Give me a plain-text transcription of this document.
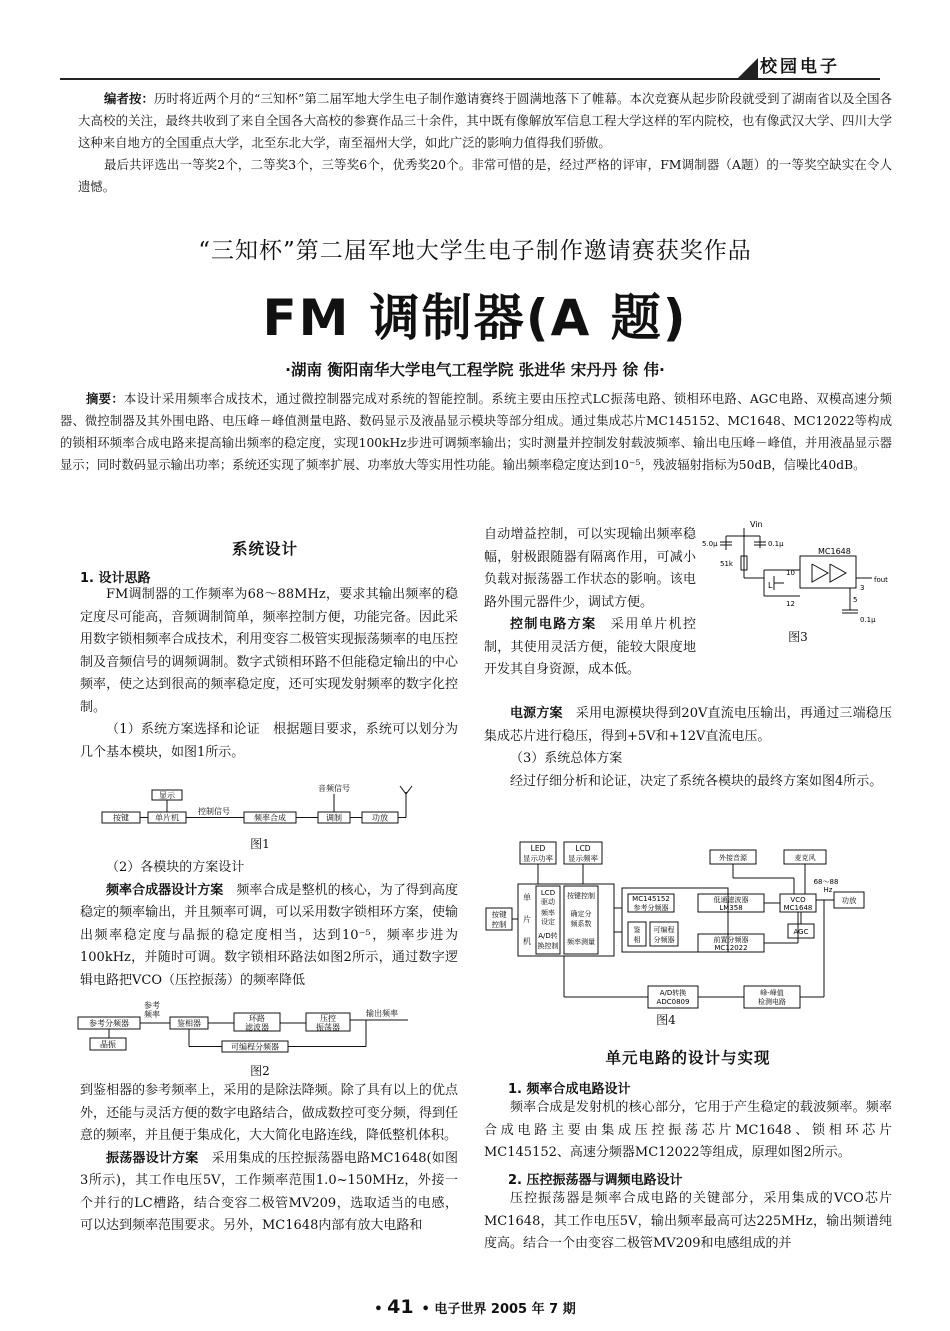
校园电子
编者按：历时将近两个月的“三知杯”第二届军地大学生电子制作邀请赛终于圆满地落下了帷幕。本次竞赛从起步阶段就受到了湖南省以及全国各大高校的关注，最终共收到了来自全国各大高校的参赛作品三十余件，其中既有像解放军信息工程大学这样的军内院校，也有像武汉大学、四川大学这种来自地方的全国重点大学，北至东北大学，南至福州大学，如此广泛的影响力值得我们骄傲。
最后共评选出一等奖2个，二等奖3个，三等奖6个，优秀奖20个。非常可惜的是，经过严格的评审，FM调制器（A题）的一等奖空缺实在令人遗憾。
“三知杯”第二届军地大学生电子制作邀请赛获奖作品
FM 调制器(A 题)
·湖南 衡阳南华大学电气工程学院 张进华 宋丹丹 徐 伟·
摘要：本设计采用频率合成技术，通过微控制器完成对系统的智能控制。系统主要由压控式LC振荡电路、锁相环电路、AGC电路、双模高速分频器、微控制器及其外围电路、电压峰－峰值测量电路、数码显示及液晶显示模块等部分组成。通过集成芯片MC145152、MC1648、MC12022等构成的锁相环频率合成电路来提高输出频率的稳定度，实现100kHz步进可调频率输出；实时测量并控制发射载波频率、输出电压峰－峰值，并用液晶显示器显示；同时数码显示输出功率；系统还实现了频率扩展、功率放大等实用性功能。输出频率稳定度达到10⁻⁵，残波辐射指标为50dB，信噪比40dB。
系统设计
1. 设计思路
FM调制器的工作频率为68～88MHz，要求其输出频率的稳定度尽可能高，音频调制简单，频率控制方便，功能完备。因此采用数字锁相频率合成技术，利用变容二极管实现振荡频率的电压控制及音频信号的调频调制。数字式锁相环路不但能稳定输出的中心频率，使之达到很高的频率稳定度，还可实现发射频率的数字化控制。
（1）系统方案选择和论证　根据题目要求，系统可以划分为几个基本模块，如图1所示。
显示
音频信号
按键	单片机
控制信号
频率合成	调制	功放
图1
（2）各模块的方案设计
频率合成器设计方案　频率合成是整机的核心，为了得到高度稳定的频率输出，并且频率可调，可以采用数字锁相环方案，使输出频率稳定度与晶振的稳定度相当，达到10⁻⁵，频率步进为100kHz，并随时可调。数字锁相环路法如图2所示，通过数字逻辑电路把VCO（压控振荡）的频率降低
参考分频器
参考
频率
鉴相器
环路
滤波器
压控
振荡器
输出频率
晶振	可编程分频器
图2
到鉴相器的参考频率上，采用的是除法降频。除了具有以上的优点外，还能与灵活方便的数字电路结合，做成数控可变分频，得到任意的频率，并且便于集成化，大大简化电路连线，降低整机体积。
振荡器设计方案　采用集成的压控振荡器电路MC1648(如图3所示)，其工作电压5V，工作频率范围1.0~150MHz，外接一个并行的LC槽路，结合变容二极管MV209，选取适当的电感，可以达到频率范围要求。另外，MC1648内部有放大电路和
自动增益控制，可以实现输出频率稳幅，射极跟随器有隔离作用，可减小负载对振荡器工作状态的影响。该电路外围元器件少，调试方便。
控制电路方案　采用单片机控制，其使用灵活方便，能较大限度地开发其自身资源，成本低。
Vin
5.0μ	0.1μ
MC1648
51k
10
L
12
fout
3
5
0.1μ
图3
电源方案　采用电源模块得到20V直流电压输出，再通过三端稳压集成芯片进行稳压，得到+5V和+12V直流电压。
（3）系统总体方案
经过仔细分析和论证，决定了系统各模块的最终方案如图4所示。
LED
显示功率
LCD
显示频率
按键
控制
单
片
机
LCD
驱动
频率
设定
A/D转
换控制
按键控制
确定分
频系数
频率测量
MC145152
参考分频器
鉴
相
可编程
分频器
低通滤波器
LM358
前置分频器
MC12022
VCO
MC1648
外接音源	麦克风
68～88
Hz
AGC
功放
A/D转换
ADC0809
峰-峰值
检测电路
图4
单元电路的设计与实现
1. 频率合成电路设计
频率合成是发射机的核心部分，它用于产生稳定的载波频率。频率合成电路主要由集成压控振荡芯片MC1648、锁相环芯片MC145152、高速分频器MC12022等组成，原理如图2所示。
2. 压控振荡器与调频电路设计
压控振荡器是频率合成电路的关键部分，采用集成的VCO芯片MC1648，其工作电压5V，输出频率最高可达225MHz，输出频谱纯度高。结合一个由变容二极管MV209和电感组成的并
• 41 • 电子世界 2005 年 7 期
